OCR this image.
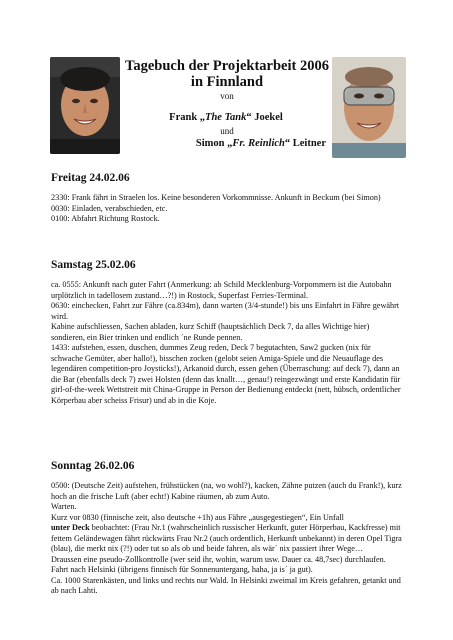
Tagebuch der Projektarbeit 2006
in Finnland
von
Frank „The Tank“ Joekel
und
Simon „Fr. Reinlich“ Leitner
Freitag 24.02.06

2330: Frank fährt in Straelen los. Keine besonderen Vorkommnisse. Ankunft in Beckum (bei Simon)

0030: Einladen, verabschieden, etc.

0100: Abfahrt Richtung Rostock.

Samstag 25.02.06

ca. 0555: Ankunft nach guter Fahrt (Anmerkung: ab Schild Mecklenburg-Vorpommern ist die Autobahn urplötzlich in tadellosem zustand…?!) in Rostock, Superfast Ferries-Terminal.

0630: einchecken, Fahrt zur Fähre (ca.834m), dann warten (3/4-stunde!) bis uns Einfahrt in Fähre gewährt wird.

Kabine aufschliessen, Sachen abladen, kurz Schiff (hauptsächlich Deck 7, da alles Wichtige hier) sondieren, ein Bier trinken und endlich ´ne Runde pennen.

1433: aufstehen, essen, duschen, dummes Zeug reden, Deck 7 begutachten, Saw2 gucken (nix für schwache Gemüter, aber hallo!), bisschen zocken (gelobt seien Amiga-Spiele und die Neuauflage des legendären competition-pro Joysticks!), Arkanoid durch, essen gehen (Überraschung: auf deck 7), dann an die Bar (ebenfalls deck 7) zwei Holsten (denn das knallt…, genau!) reingezwängt und erste Kandidatin für girl-of-the-week Wettstreit mit China-Gruppe in Person der Bedienung entdeckt (nett, hübsch, ordentlicher Körperbau aber scheiss Frisur) und ab in die Koje.

Sonntag 26.02.06

0500: (Deutsche Zeit) aufstehen, frühstücken (na, wo wohl?), kacken, Zähne putzen (auch du Frank!), kurz hoch an die frische Luft (aber echt!) Kabine räumen, ab zum Auto.

Warten.

Kurz vor 0830 (finnische zeit, also deutsche +1h) aus Fähre „ausgegestiegen“, Ein Unfall

unter Deck beobachtet: (Frau Nr.1 (wahrscheinlich russischer Herkunft, guter Hörperbau, Kackfresse) mit fettem Geländewagen fährt rückwärts Frau Nr.2 (auch ordentlich, Herkunft unbekannt) in deren Opel Tigra (blau), die merkt nix (?!) oder tut so als ob und beide fahren, als wär´ nix passiert ihrer Wege…

Draussen eine pseudo-Zollkontrolle (wer seid ihr, wohin, warum usw. Dauer ca. 48,7sec) durchlaufen.

Fahrt nach Helsinki (übrigens finnisch für Sonnenuntergang, haha, ja is´ ja gut).

Ca. 1000 Starenkästen, und links und rechts nur Wald. In Helsinki zweimal im Kreis gefahren, getankt und ab nach Lahti.
